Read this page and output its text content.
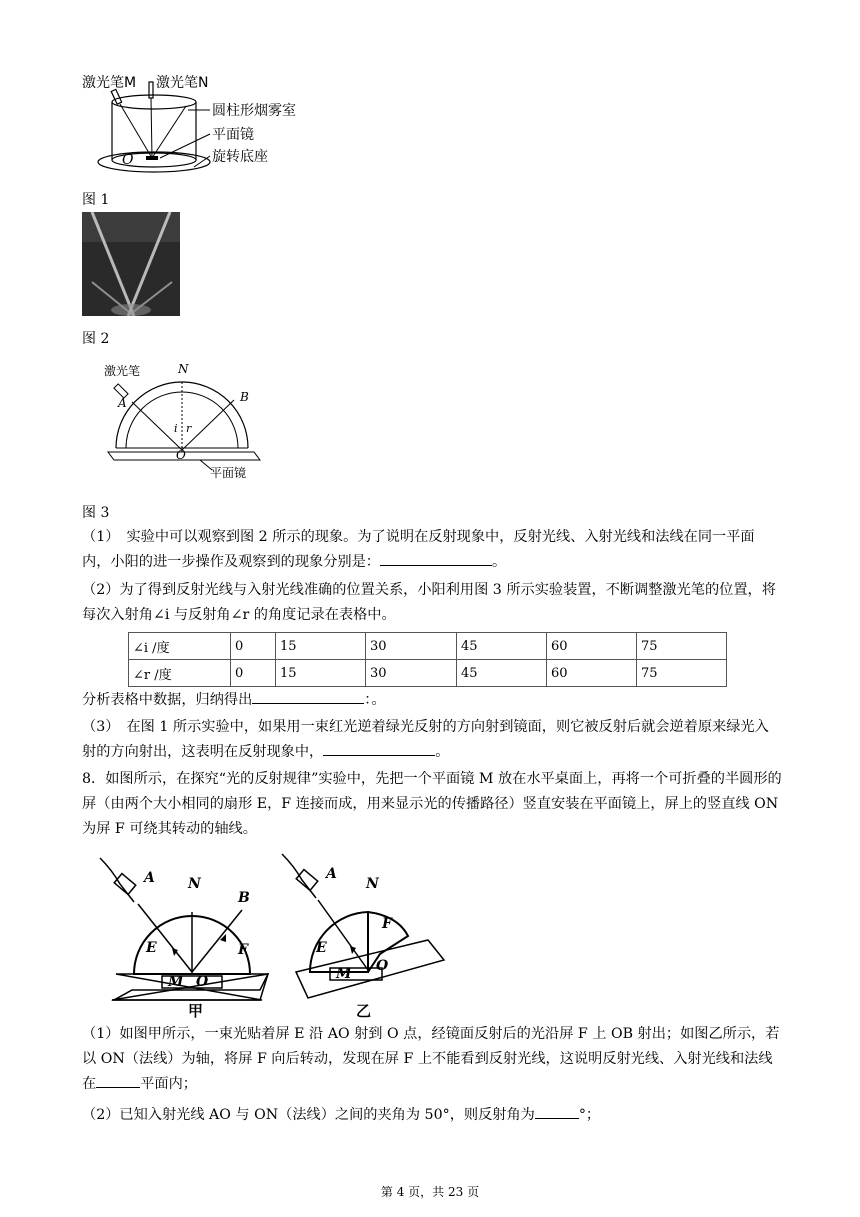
激光笔M 激光笔N
圆柱形烟雾室
平面镜
旋转底座
O
图 1
图 2
激光笔	N
A	B
i r
O
平面镜
图 3
（1）　实验中可以观察到图 2 所示的现象。为了说明在反射现象中，反射光线、入射光线和法线在同一平面内，小阳的进一步操作及观察到的现象分别是：	。
（2）为了得到反射光线与入射光线准确的位置关系，小阳利用图 3 所示实验装置，不断调整激光笔的位置，将每次入射角∠i 与反射角∠r 的角度记录在表格中。
∠i /度	0	15	30	45	60	75
∠r /度	0	15	30	45	60	75
分析表格中数据，归纳得出	：。
（3）　在图 1 所示实验中，如果用一束红光逆着绿光反射的方向射到镜面，则它被反射后就会逆着原来绿光入射的方向射出，这表明在反射现象中，	。
8．如图所示，在探究“光的反射规律”实验中，先把一个平面镜 M 放在水平桌面上，再将一个可折叠的半圆形的屏（由两个大小相同的扇形 E，F 连接而成，用来显示光的传播路径）竖直安装在平面镜上，屏上的竖直线 ON 为屏 F 可绕其转动的轴线。
A N
B
E	F
M O
甲
A
N
F
E
M O
乙
（1）如图甲所示，一束光贴着屏 E 沿 AO 射到 O 点，经镜面反射后的光沿屏 F 上 OB 射出；如图乙所示，若以 ON（法线）为轴，将屏 F 向后转动，发现在屏 F 上不能看到反射光线，这说明反射光线、入射光线和法线在	平面内；
（2）已知入射光线 AO 与 ON（法线）之间的夹角为 50°，则反射角为	°；
第 4 页，共 23 页
